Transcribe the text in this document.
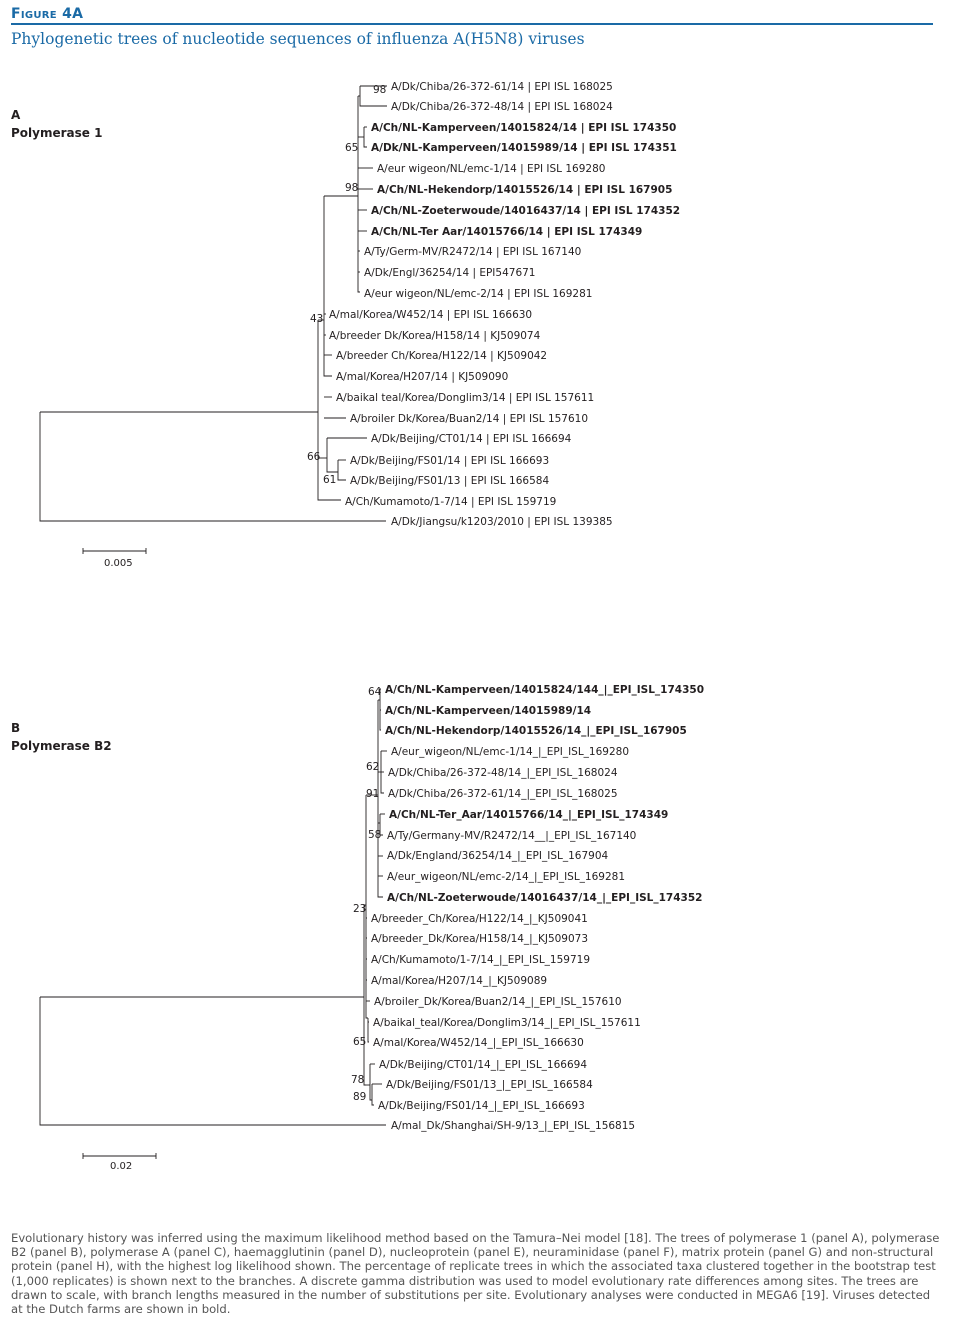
Figure 4A
Phylogenetic trees of nucleotide sequences of influenza A(H5N8) viruses
A
Polymerase 1
A/Dk/Chiba/26-372-61/14 | EPI ISL 168025
A/Dk/Chiba/26-372-48/14 | EPI ISL 168024
A/Ch/NL-Kamperveen/14015824/14 | EPI ISL 174350
A/Dk/NL-Kamperveen/14015989/14 | EPI ISL 174351
A/eur wigeon/NL/emc-1/14 | EPI ISL 169280
A/Ch/NL-Hekendorp/14015526/14 | EPI ISL 167905
A/Ch/NL-Zoeterwoude/14016437/14 | EPI ISL 174352
A/Ch/NL-Ter Aar/14015766/14 | EPI ISL 174349
A/Ty/Germ-MV/R2472/14 | EPI ISL 167140
A/Dk/Engl/36254/14 | EPI547671
A/eur wigeon/NL/emc-2/14 | EPI ISL 169281
A/mal/Korea/W452/14 | EPI ISL 166630
A/breeder Dk/Korea/H158/14 | KJ509074
A/breeder Ch/Korea/H122/14 | KJ509042
A/mal/Korea/H207/14 | KJ509090
A/baikal teal/Korea/Donglim3/14 | EPI ISL 157611
A/broiler Dk/Korea/Buan2/14 | EPI ISL 157610
A/Dk/Beijing/CT01/14 | EPI ISL 166694
A/Dk/Beijing/FS01/14 | EPI ISL 166693
A/Dk/Beijing/FS01/13 | EPI ISL 166584
A/Ch/Kumamoto/1-7/14 | EPI ISL 159719
A/Dk/Jiangsu/k1203/2010 | EPI ISL 139385
98
65
98
43
66
61
0.005
B
Polymerase B2
A/Ch/NL-Kamperveen/14015824/144_|_EPI_ISL_174350
A/Ch/NL-Kamperveen/14015989/14
A/Ch/NL-Hekendorp/14015526/14_|_EPI_ISL_167905
A/eur_wigeon/NL/emc-1/14_|_EPI_ISL_169280
A/Dk/Chiba/26-372-48/14_|_EPI_ISL_168024
A/Dk/Chiba/26-372-61/14_|_EPI_ISL_168025
A/Ch/NL-Ter_Aar/14015766/14_|_EPI_ISL_174349
A/Ty/Germany-MV/R2472/14__|_EPI_ISL_167140
A/Dk/England/36254/14_|_EPI_ISL_167904
A/eur_wigeon/NL/emc-2/14_|_EPI_ISL_169281
A/Ch/NL-Zoeterwoude/14016437/14_|_EPI_ISL_174352
A/breeder_Ch/Korea/H122/14_|_KJ509041
A/breeder_Dk/Korea/H158/14_|_KJ509073
A/Ch/Kumamoto/1-7/14_|_EPI_ISL_159719
A/mal/Korea/H207/14_|_KJ509089
A/broiler_Dk/Korea/Buan2/14_|_EPI_ISL_157610
A/baikal_teal/Korea/Donglim3/14_|_EPI_ISL_157611
A/mal/Korea/W452/14_|_EPI_ISL_166630
A/Dk/Beijing/CT01/14_|_EPI_ISL_166694
A/Dk/Beijing/FS01/13_|_EPI_ISL_166584
A/Dk/Beijing/FS01/14_|_EPI_ISL_166693
A/mal_Dk/Shanghai/SH-9/13_|_EPI_ISL_156815
64
62
91
58
23
65
78
89
0.02
Evolutionary history was inferred using the maximum likelihood method based on the Tamura–Nei model [18]. The trees of polymerase 1 (panel A), polymerase B2 (panel B), polymerase A (panel C), haemagglutinin (panel D), nucleoprotein (panel E), neuraminidase (panel F), matrix protein (panel G) and non-structural protein (panel H), with the highest log likelihood shown. The percentage of replicate trees in which the associated taxa clustered together in the bootstrap test (1,000 replicates) is shown next to the branches. A discrete gamma distribution was used to model evolutionary rate differences among sites. The trees are drawn to scale, with branch lengths measured in the number of substitutions per site. Evolutionary analyses were conducted in MEGA6 [19]. Viruses detected at the Dutch farms are shown in bold.
